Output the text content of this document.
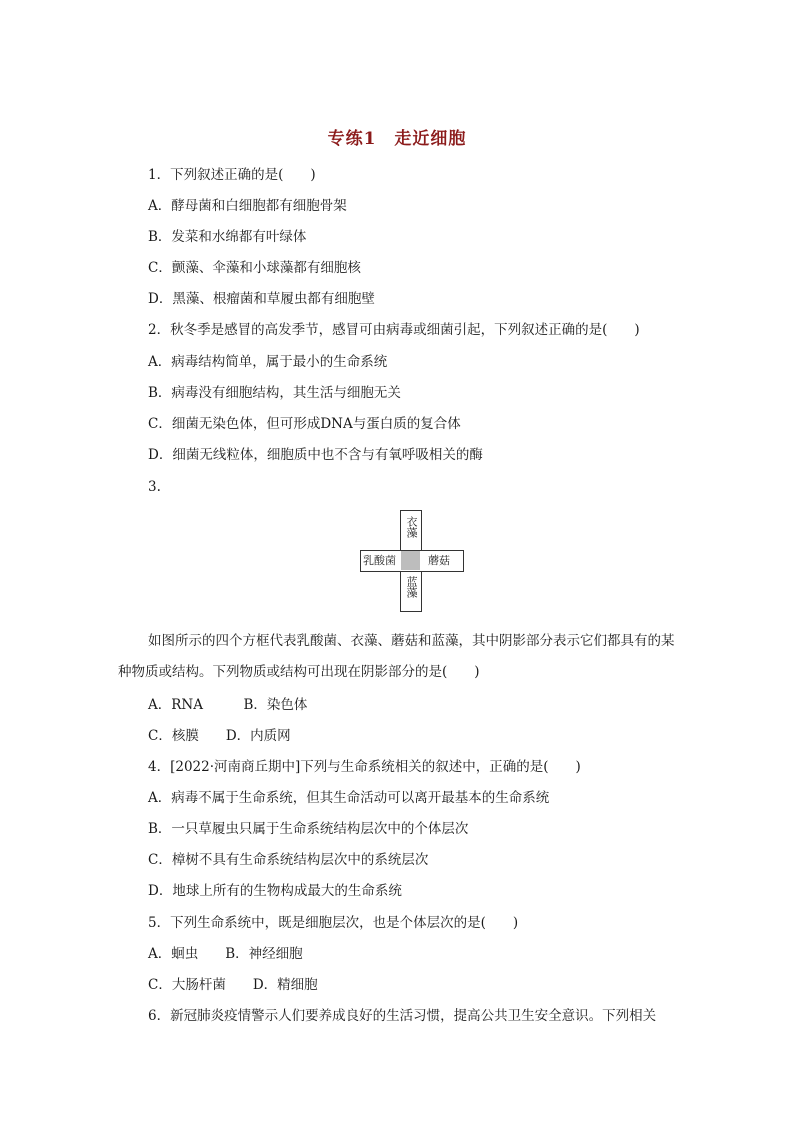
专练1 走近细胞
1．下列叙述正确的是(　　)
A．酵母菌和白细胞都有细胞骨架
B．发菜和水绵都有叶绿体
C．颤藻、伞藻和小球藻都有细胞核
D．黑藻、根瘤菌和草履虫都有细胞壁
2．秋冬季是感冒的高发季节，感冒可由病毒或细菌引起，下列叙述正确的是(　　)
A．病毒结构简单，属于最小的生命系统
B．病毒没有细胞结构，其生活与细胞无关
C．细菌无染色体，但可形成DNA与蛋白质的复合体
D．细菌无线粒体，细胞质中也不含与有氧呼吸相关的酶
3.
衣藻
蓝藻
乳酸菌	蘑菇
如图所示的四个方框代表乳酸菌、衣藻、蘑菇和蓝藻，其中阴影部分表示它们都具有的某种物质或结构。下列物质或结构可出现在阴影部分的是(　　)
A．RNA　　　B．染色体
C．核膜　　D．内质网
4．[2022·河南商丘期中]下列与生命系统相关的叙述中，正确的是(　　)
A．病毒不属于生命系统，但其生命活动可以离开最基本的生命系统
B．一只草履虫只属于生命系统结构层次中的个体层次
C．樟树不具有生命系统结构层次中的系统层次
D．地球上所有的生物构成最大的生命系统
5．下列生命系统中，既是细胞层次，也是个体层次的是(　　)
A．蛔虫　　B．神经细胞
C．大肠杆菌　　D．精细胞
6．新冠肺炎疫情警示人们要养成良好的生活习惯，提高公共卫生安全意识。下列相关
